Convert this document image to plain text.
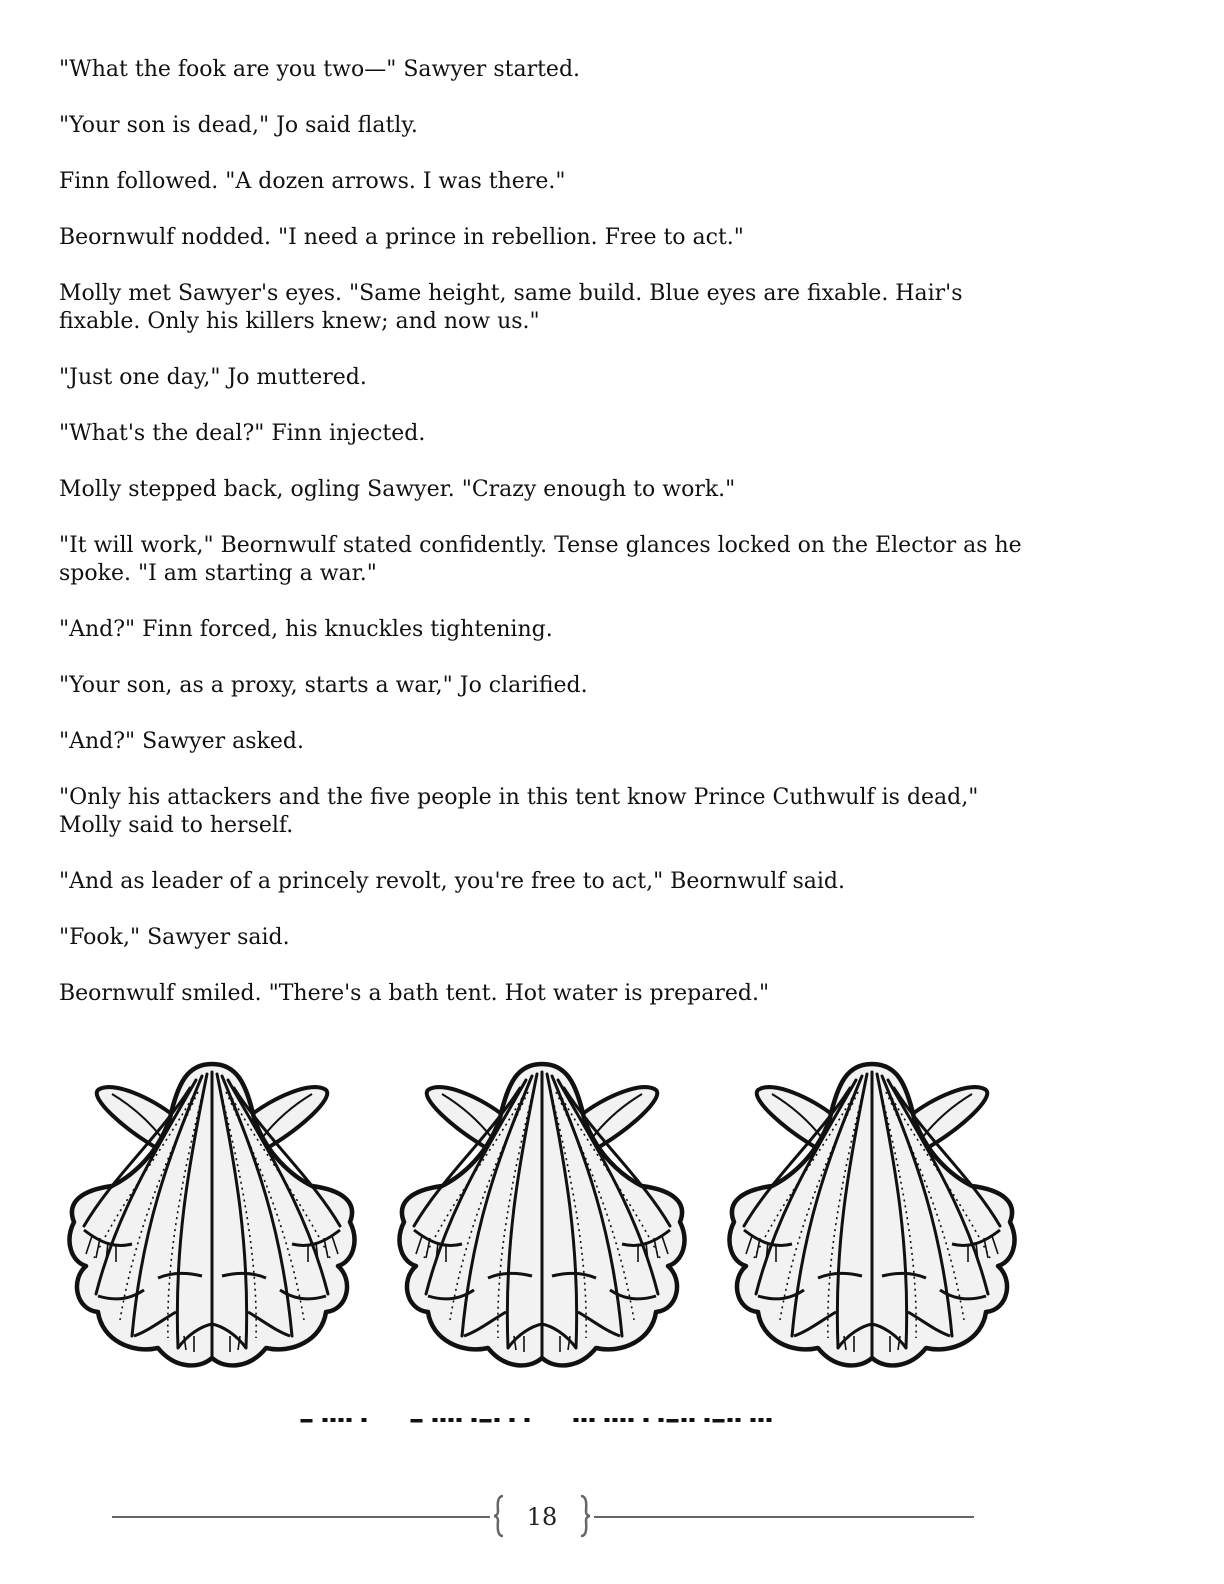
"What the fook are you two—" Sawyer started.

"Your son is dead," Jo said flatly.

Finn followed. "A dozen arrows. I was there."

Beornwulf nodded. "I need a prince in rebellion. Free to act."

Molly met Sawyer's eyes. "Same height, same build. Blue eyes are fixable. Hair's fixable. Only his killers knew; and now us."

"Just one day," Jo muttered.

"What's the deal?" Finn injected.

Molly stepped back, ogling Sawyer. "Crazy enough to work."

"It will work," Beornwulf stated confidently. Tense glances locked on the Elector as he spoke. "I am starting a war."

"And?" Finn forced, his knuckles tightening.

"Your son, as a proxy, starts a war," Jo clarified.

"And?" Sawyer asked.

"Only his attackers and the five people in this tent know Prince Cuthwulf is dead," Molly said to herself.

"And as leader of a princely revolt, you're free to act," Beornwulf said.

"Fook," Sawyer said.

Beornwulf smiled. "There's a bath tent. Hot water is prepared."

18
